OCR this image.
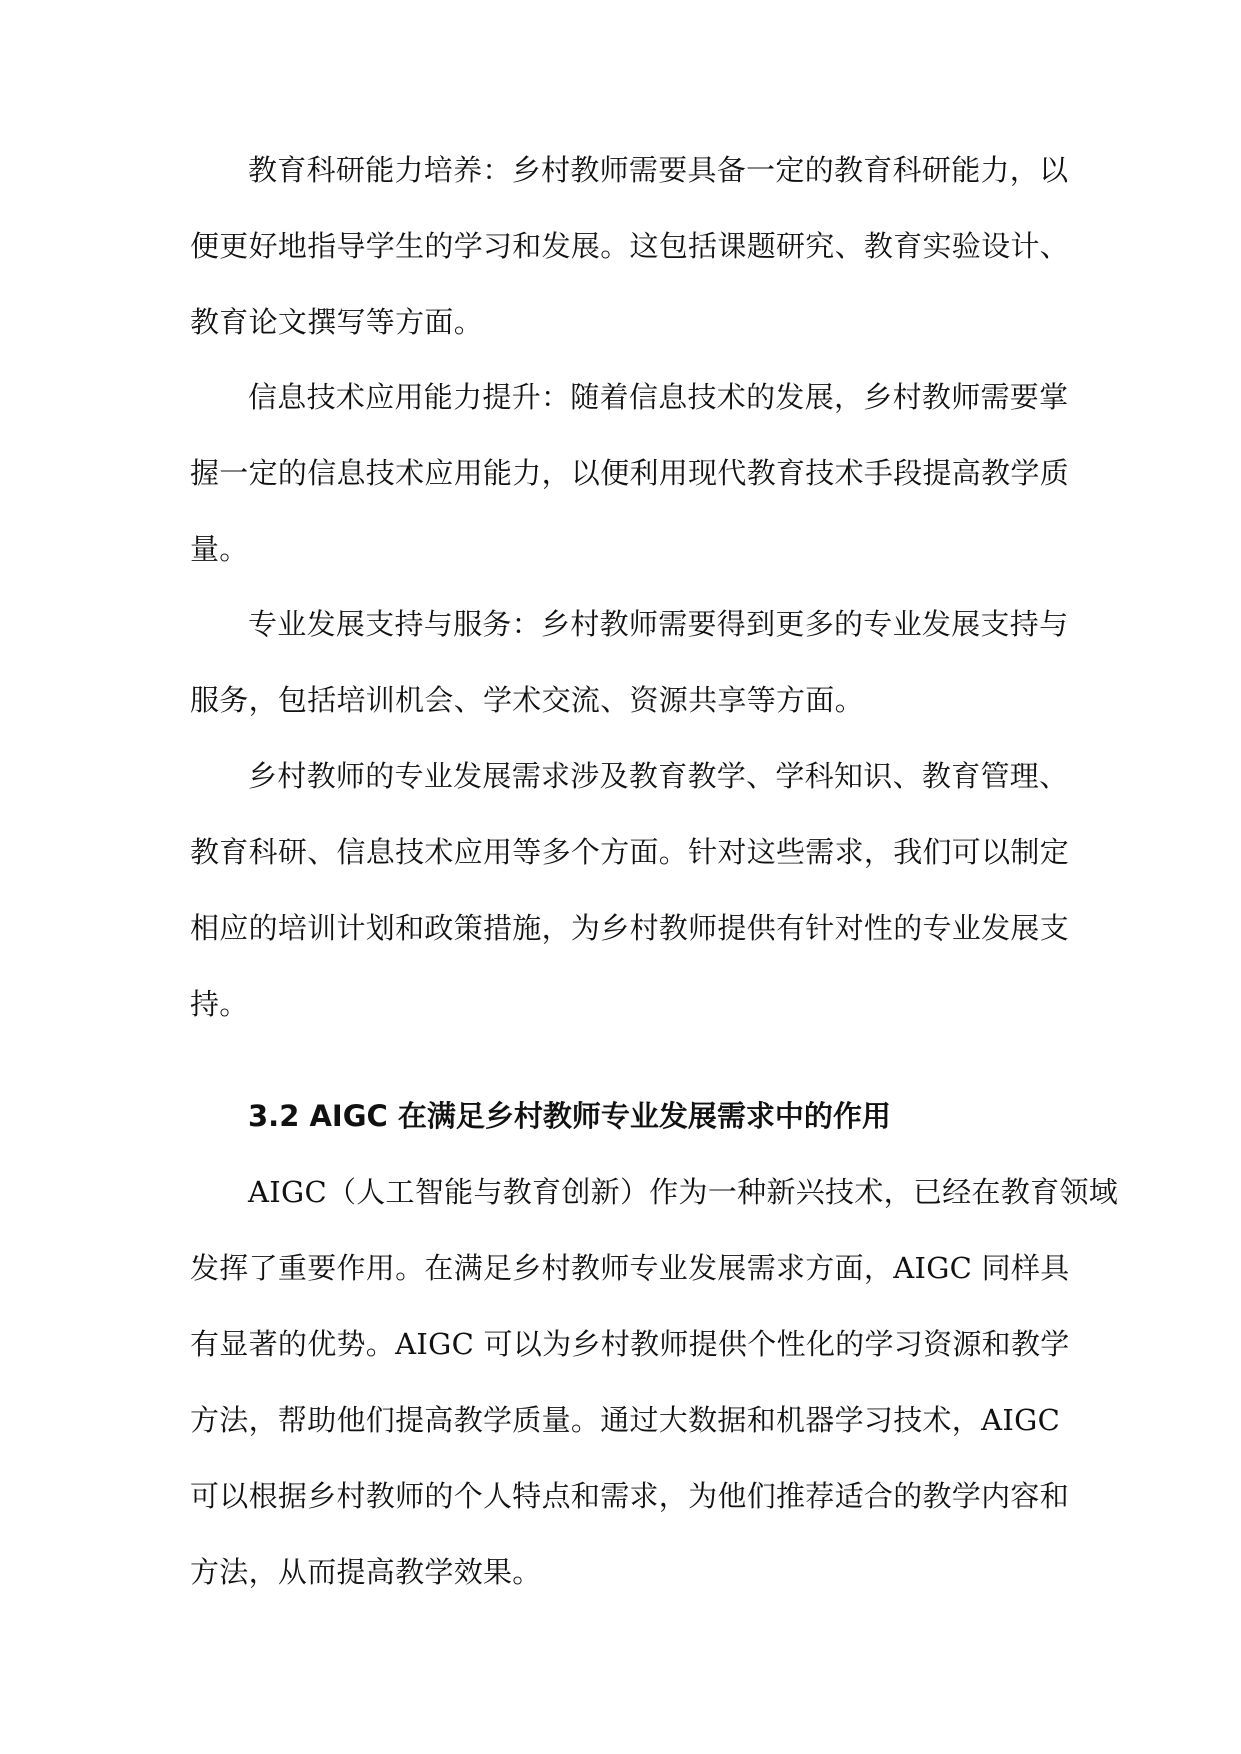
教育科研能力培养：乡村教师需要具备一定的教育科研能力，以
便更好地指导学生的学习和发展。这包括课题研究、教育实验设计、
教育论文撰写等方面。
信息技术应用能力提升：随着信息技术的发展，乡村教师需要掌
握一定的信息技术应用能力，以便利用现代教育技术手段提高教学质
量。
专业发展支持与服务：乡村教师需要得到更多的专业发展支持与
服务，包括培训机会、学术交流、资源共享等方面。
乡村教师的专业发展需求涉及教育教学、学科知识、教育管理、
教育科研、信息技术应用等多个方面。针对这些需求，我们可以制定
相应的培训计划和政策措施，为乡村教师提供有针对性的专业发展支
持。
3.2 AIGC 在满足乡村教师专业发展需求中的作用
AIGC（人工智能与教育创新）作为一种新兴技术，已经在教育领域
发挥了重要作用。在满足乡村教师专业发展需求方面，AIGC 同样具
有显著的优势。AIGC 可以为乡村教师提供个性化的学习资源和教学
方法，帮助他们提高教学质量。通过大数据和机器学习技术，AIGC
可以根据乡村教师的个人特点和需求，为他们推荐适合的教学内容和
方法，从而提高教学效果。
